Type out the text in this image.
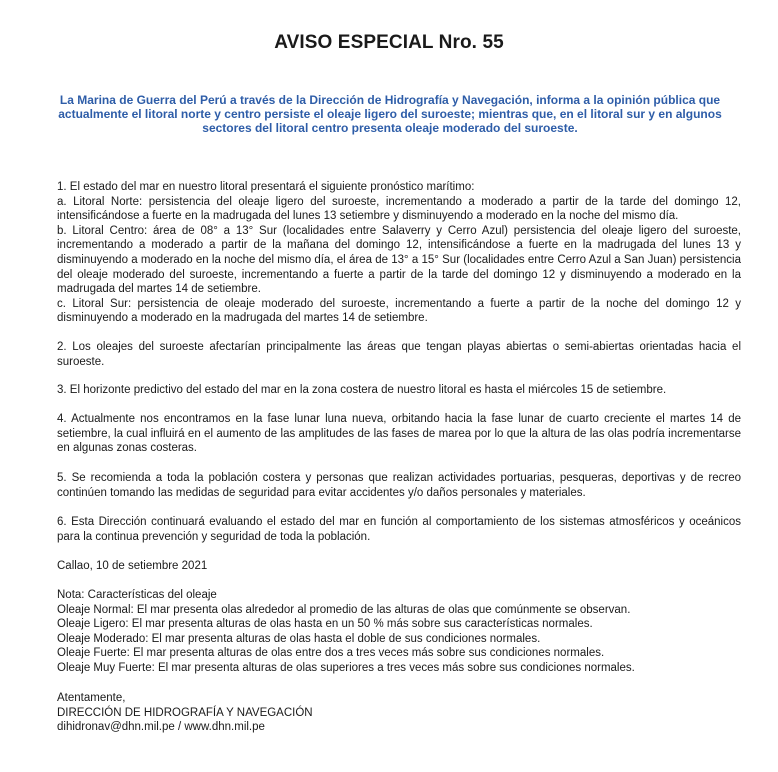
AVISO ESPECIAL Nro. 55
La Marina de Guerra del Perú a través de la Dirección de Hidrografía y Navegación, informa a la opinión pública que actualmente el litoral norte y centro persiste el oleaje ligero del suroeste; mientras que, en el litoral sur y en algunos sectores del litoral centro presenta oleaje moderado del suroeste.

1. El estado del mar en nuestro litoral presentará el siguiente pronóstico marítimo:

a. Litoral Norte: persistencia del oleaje ligero del suroeste, incrementando a moderado a partir de la tarde del domingo 12, intensificándose a fuerte en la madrugada del lunes 13 setiembre y disminuyendo a moderado en la noche del mismo día.

b. Litoral Centro: área de 08° a 13° Sur (localidades entre Salaverry y Cerro Azul) persistencia del oleaje ligero del suroeste, incrementando a moderado a partir de la mañana del domingo 12, intensificándose a fuerte en la madrugada del lunes 13 y disminuyendo a moderado en la noche del mismo día, el área de 13° a 15° Sur (localidades entre Cerro Azul a San Juan) persistencia del oleaje moderado del suroeste, incrementando a fuerte a partir de la tarde del domingo 12 y disminuyendo a moderado en la madrugada del martes 14 de setiembre.

c. Litoral Sur: persistencia de oleaje moderado del suroeste, incrementando a fuerte a partir de la noche del domingo 12 y disminuyendo a moderado en la madrugada del martes 14 de setiembre.

2. Los oleajes del suroeste afectarían principalmente las áreas que tengan playas abiertas o semi-abiertas orientadas hacia el suroeste.
3. El horizonte predictivo del estado del mar en la zona costera de nuestro litoral es hasta el miércoles 15 de setiembre.
4. Actualmente nos encontramos en la fase lunar luna nueva, orbitando hacia la fase lunar de cuarto creciente el martes 14 de setiembre, la cual influirá en el aumento de las amplitudes de las fases de marea por lo que la altura de las olas podría incrementarse en algunas zonas costeras.
5. Se recomienda a toda la población costera y personas que realizan actividades portuarias, pesqueras, deportivas y de recreo continúen tomando las medidas de seguridad para evitar accidentes y/o daños personales y materiales.
6. Esta Dirección continuará evaluando el estado del mar en función al comportamiento de los sistemas atmosféricos y oceánicos para la continua prevención y seguridad de toda la población.
Callao, 10 de setiembre 2021

Nota: Características del oleaje

Oleaje Normal: El mar presenta olas alrededor al promedio de las alturas de olas que comúnmente se observan.

Oleaje Ligero: El mar presenta alturas de olas hasta en un 50 % más sobre sus características normales.

Oleaje Moderado: El mar presenta alturas de olas hasta el doble de sus condiciones normales.

Oleaje Fuerte: El mar presenta alturas de olas entre dos a tres veces más sobre sus condiciones normales.

Oleaje Muy Fuerte: El mar presenta alturas de olas superiores a tres veces más sobre sus condiciones normales.

Atentamente,

DIRECCIÓN DE HIDROGRAFÍA Y NAVEGACIÓN

dihidronav@dhn.mil.pe / www.dhn.mil.pe
